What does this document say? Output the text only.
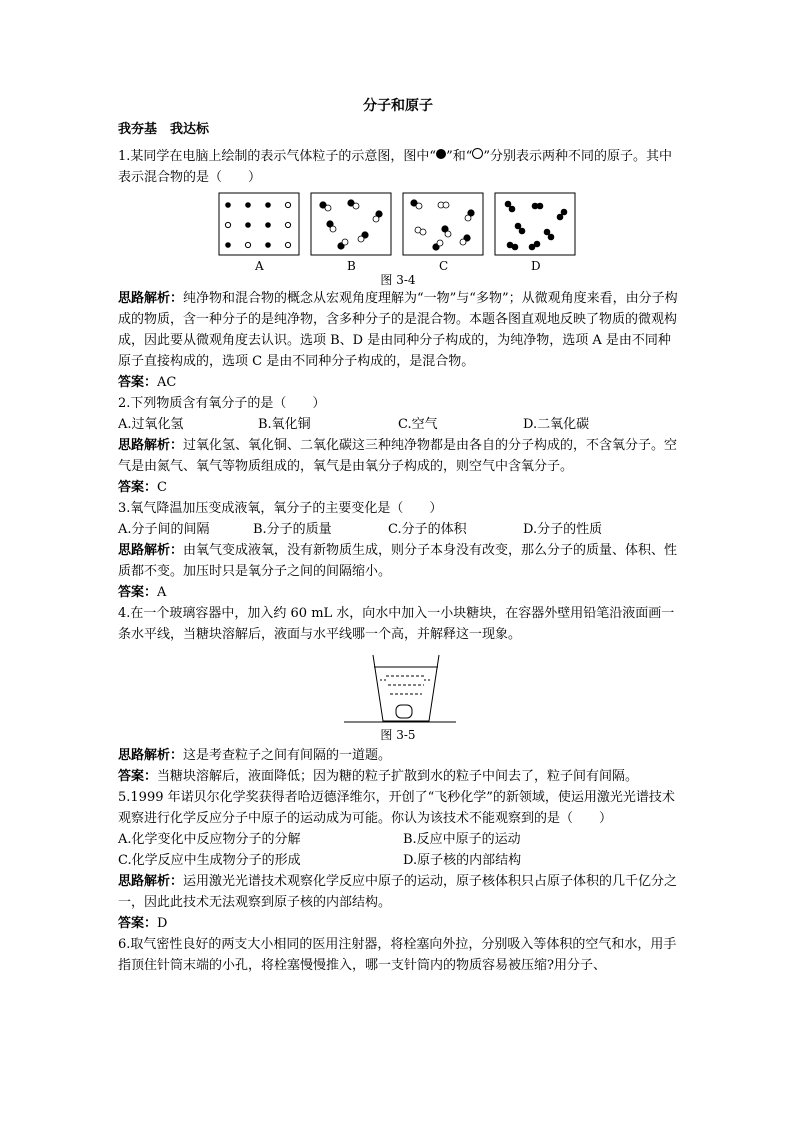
分子和原子

我夯基　我达标

1.某同学在电脑上绘制的表示气体粒子的示意图，图中“ ”和“ ”分别表示两种不同的原子。其中表示混合物的是（　　）

A	B	C	D
图 3-4

思路解析：纯净物和混合物的概念从宏观角度理解为“一物”与“多物”；从微观角度来看，由分子构成的物质，含一种分子的是纯净物，含多种分子的是混合物。本题各图直观地反映了物质的微观构成，因此要从微观角度去认识。选项 B、D 是由同种分子构成的，为纯净物，选项 A 是由不同种原子直接构成的，选项 C 是由不同种分子构成的，是混合物。

答案：AC

2.下列物质含有氧分子的是（　　）

A.过氧化氢	B.氧化铜	C.空气	D.二氧化碳

思路解析：过氧化氢、氧化铜、二氧化碳这三种纯净物都是由各自的分子构成的，不含氧分子。空气是由氮气、氧气等物质组成的，氧气是由氧分子构成的，则空气中含氧分子。

答案：C

3.氧气降温加压变成液氧，氧分子的主要变化是（　　）

A.分子间的间隔	B.分子的质量	C.分子的体积	D.分子的性质

思路解析：由氧气变成液氧，没有新物质生成，则分子本身没有改变，那么分子的质量、体积、性质都不变。加压时只是氧分子之间的间隔缩小。

答案：A

4.在一个玻璃容器中，加入约 60 mL 水，向水中加入一小块糖块，在容器外壁用铅笔沿液面画一条水平线，当糖块溶解后，液面与水平线哪一个高，并解释这一现象。

图 3-5

思路解析：这是考查粒子之间有间隔的一道题。

答案：当糖块溶解后，液面降低；因为糖的粒子扩散到水的粒子中间去了，粒子间有间隔。

5.1999 年诺贝尔化学奖获得者哈迈德泽维尔，开创了“飞秒化学”的新领域，使运用激光光谱技术观察进行化学反应分子中原子的运动成为可能。你认为该技术不能观察到的是（　　）

A.化学变化中反应物分子的分解	B.反应中原子的运动
C.化学反应中生成物分子的形成	D.原子核的内部结构

思路解析：运用激光光谱技术观察化学反应中原子的运动，原子核体积只占原子体积的几千亿分之一，因此此技术无法观察到原子核的内部结构。

答案：D

6.取气密性良好的两支大小相同的医用注射器，将栓塞向外拉，分别吸入等体积的空气和水，用手指顶住针筒末端的小孔，将栓塞慢慢推入，哪一支针筒内的物质容易被压缩?用分子、
